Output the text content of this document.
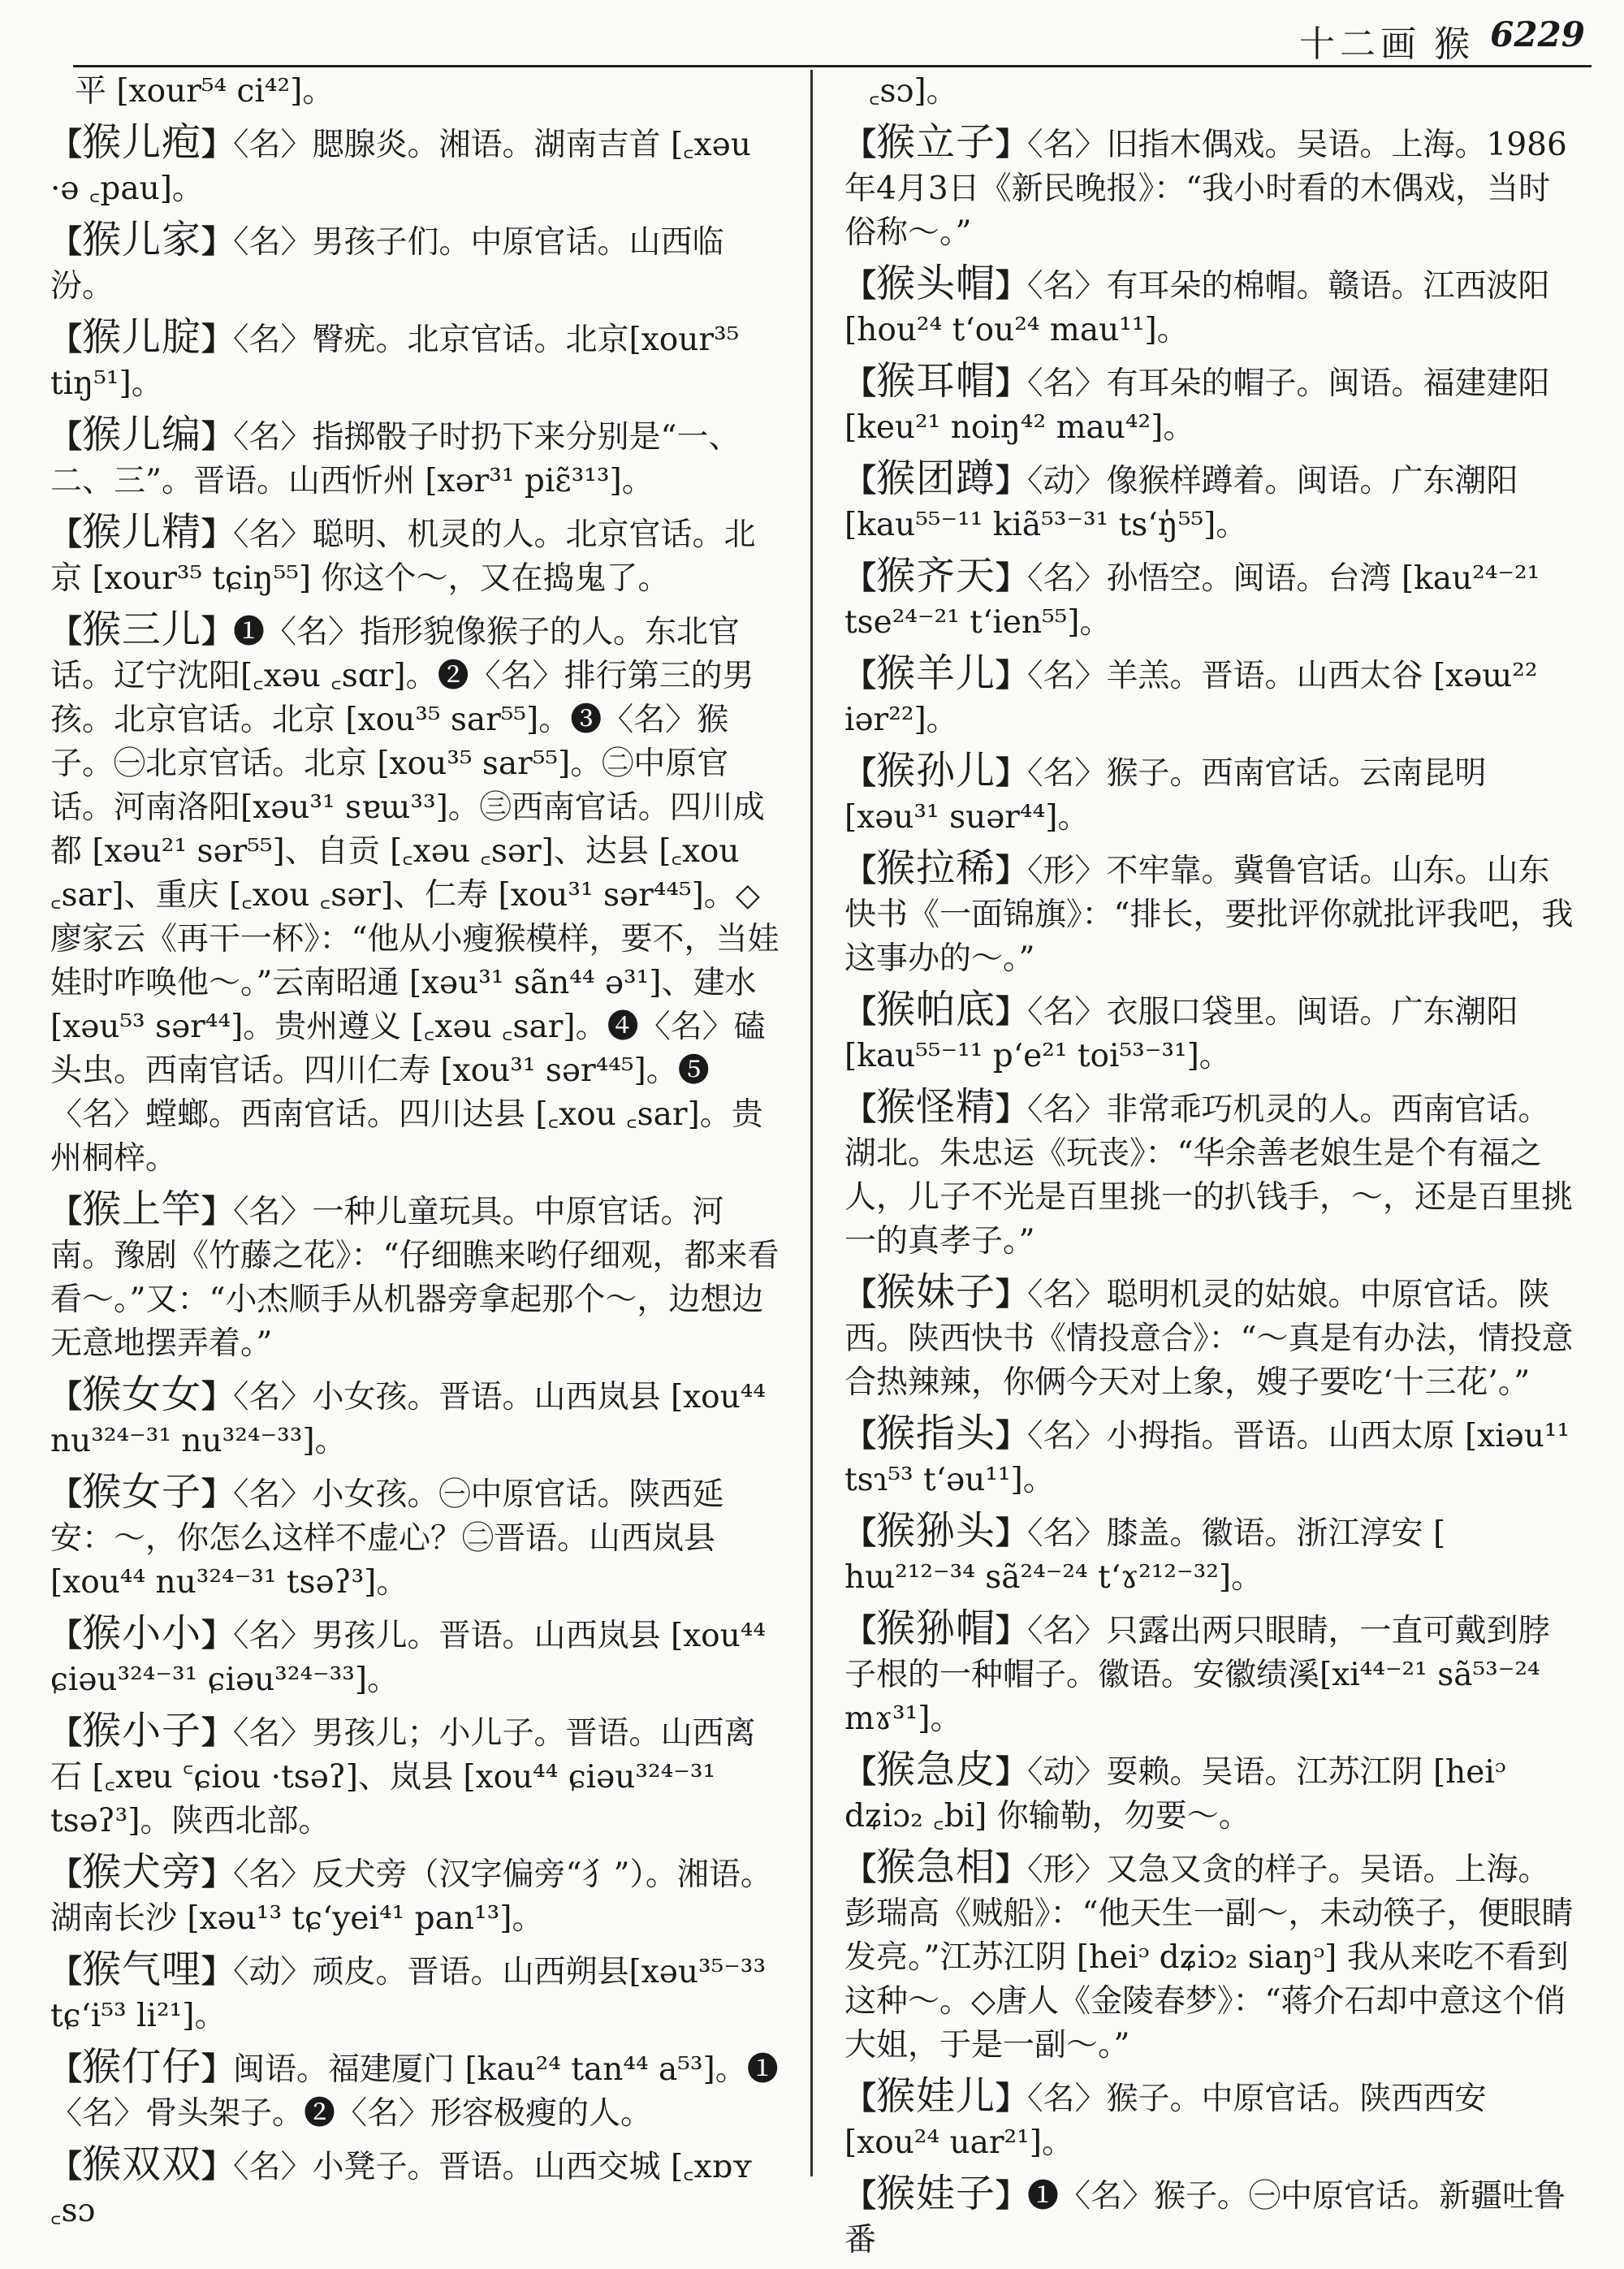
十二画 猴 6229
平 [xour⁵⁴ ci⁴²]。
【猴儿疱】〈名〉腮腺炎。湘语。湖南吉首 [꜀xəu ·ə ꜀pau]。
【猴儿家】〈名〉男孩子们。中原官话。山西临汾。
【猴儿腚】〈名〉臀疣。北京官话。北京[xour³⁵ tiŋ⁵¹]。
【猴儿编】〈名〉指掷骰子时扔下来分别是“一、二、三”。晋语。山西忻州 [xər³¹ piɛ̃³¹³]。
【猴儿精】〈名〉聪明、机灵的人。北京官话。北京 [xour³⁵ tɕiŋ⁵⁵] 你这个～，又在捣鬼了。
【猴三儿】❶〈名〉指形貌像猴子的人。东北官话。辽宁沈阳[꜀xəu ꜀sɑr]。❷〈名〉排行第三的男孩。北京官话。北京 [xou³⁵ sar⁵⁵]。❸〈名〉猴子。㊀北京官话。北京 [xou³⁵ sar⁵⁵]。㊁中原官话。河南洛阳[xəu³¹ sɐɯ³³]。㊂西南官话。四川成都 [xəu²¹ sər⁵⁵]、自贡 [꜀xəu ꜀sər]、达县 [꜀xou ꜀sar]、重庆 [꜀xou ꜀sər]、仁寿 [xou³¹ sər⁴⁴⁵]。◇廖家云《再干一杯》：“他从小瘦猴模样，要不，当娃娃时咋唤他～。”云南昭通 [xəu³¹ sãn⁴⁴ ə³¹]、建水 [xəu⁵³ sər⁴⁴]。贵州遵义 [꜀xəu ꜀sar]。❹〈名〉磕头虫。西南官话。四川仁寿 [xou³¹ sər⁴⁴⁵]。❺〈名〉螳螂。西南官话。四川达县 [꜀xou ꜀sar]。贵州桐梓。
【猴上竿】〈名〉一种儿童玩具。中原官话。河南。豫剧《竹藤之花》：“仔细瞧来哟仔细观，都来看看～。”又：“小杰顺手从机器旁拿起那个～，边想边无意地摆弄着。”
【猴女女】〈名〉小女孩。晋语。山西岚县 [xou⁴⁴ nu³²⁴⁻³¹ nu³²⁴⁻³³]。
【猴女子】〈名〉小女孩。㊀中原官话。陕西延安：～，你怎么这样不虚心？㊁晋语。山西岚县 [xou⁴⁴ nu³²⁴⁻³¹ tsəʔ³]。
【猴小小】〈名〉男孩儿。晋语。山西岚县 [xou⁴⁴ ɕiəu³²⁴⁻³¹ ɕiəu³²⁴⁻³³]。
【猴小子】〈名〉男孩儿；小儿子。晋语。山西离石 [꜀xɐu ꜂ɕiou ·tsəʔ]、岚县 [xou⁴⁴ ɕiəu³²⁴⁻³¹ tsəʔ³]。陕西北部。
【猴犬旁】〈名〉反犬旁（汉字偏旁“犭”）。湘语。湖南长沙 [xəu¹³ tɕʻyei⁴¹ pan¹³]。
【猴气哩】〈动〉顽皮。晋语。山西朔县[xəu³⁵⁻³³ tɕʻi⁵³ li²¹]。
【猴仃仔】闽语。福建厦门 [kau²⁴ tan⁴⁴ a⁵³]。❶〈名〉骨头架子。❷〈名〉形容极瘦的人。
【猴双双】〈名〉小凳子。晋语。山西交城 [꜀xɒʏ ꜀sɔ
꜀sɔ]。
【猴立子】〈名〉旧指木偶戏。吴语。上海。1986年4月3日《新民晚报》：“我小时看的木偶戏，当时俗称～。”
【猴头帽】〈名〉有耳朵的棉帽。赣语。江西波阳[hou²⁴ tʻou²⁴ mau¹¹]。
【猴耳帽】〈名〉有耳朵的帽子。闽语。福建建阳[keu²¹ noiŋ⁴² mau⁴²]。
【猴团蹲】〈动〉像猴样蹲着。闽语。广东潮阳[kau⁵⁵⁻¹¹ kiã⁵³⁻³¹ tsʻŋ̍⁵⁵]。
【猴齐天】〈名〉孙悟空。闽语。台湾 [kau²⁴⁻²¹ tse²⁴⁻²¹ tʻien⁵⁵]。
【猴羊儿】〈名〉羊羔。晋语。山西太谷 [xəɯ²² iər²²]。
【猴孙儿】〈名〉猴子。西南官话。云南昆明 [xəu³¹ suər⁴⁴]。
【猴拉稀】〈形〉不牢靠。冀鲁官话。山东。山东快书《一面锦旗》：“排长，要批评你就批评我吧，我这事办的～。”
【猴帕底】〈名〉衣服口袋里。闽语。广东潮阳[kau⁵⁵⁻¹¹ pʻe²¹ toi⁵³⁻³¹]。
【猴怪精】〈名〉非常乖巧机灵的人。西南官话。湖北。朱忠运《玩丧》：“华余善老娘生是个有福之人，儿子不光是百里挑一的扒钱手，～，还是百里挑一的真孝子。”
【猴妹子】〈名〉聪明机灵的姑娘。中原官话。陕西。陕西快书《情投意合》：“～真是有办法，情投意合热辣辣，你俩今天对上象，嫂子要吃‘十三花’。”
【猴指头】〈名〉小拇指。晋语。山西太原 [xiəu¹¹ tsɿ⁵³ tʻəu¹¹]。
【猴狲头】〈名〉膝盖。徽语。浙江淳安 [ hɯ²¹²⁻³⁴ sã²⁴⁻²⁴ tʻɤ²¹²⁻³²]。
【猴狲帽】〈名〉只露出两只眼睛，一直可戴到脖子根的一种帽子。徽语。安徽绩溪[xi⁴⁴⁻²¹ sã⁵³⁻²⁴ mɤ³¹]。
【猴急皮】〈动〉耍赖。吴语。江苏江阴 [heiᵓ dʑiɔ₂ ꜀bi] 你输勒，勿要～。
【猴急相】〈形〉又急又贪的样子。吴语。上海。彭瑞高《贼船》：“他天生一副～，未动筷子，便眼睛发亮。”江苏江阴 [heiᵓ dʑiɔ₂ siaŋᵓ] 我从来吃不看到这种～。◇唐人《金陵春梦》：“蒋介石却中意这个俏大姐，于是一副～。”
【猴娃儿】〈名〉猴子。中原官话。陕西西安 [xou²⁴ uar²¹]。
【猴娃子】❶〈名〉猴子。㊀中原官话。新疆吐鲁番
